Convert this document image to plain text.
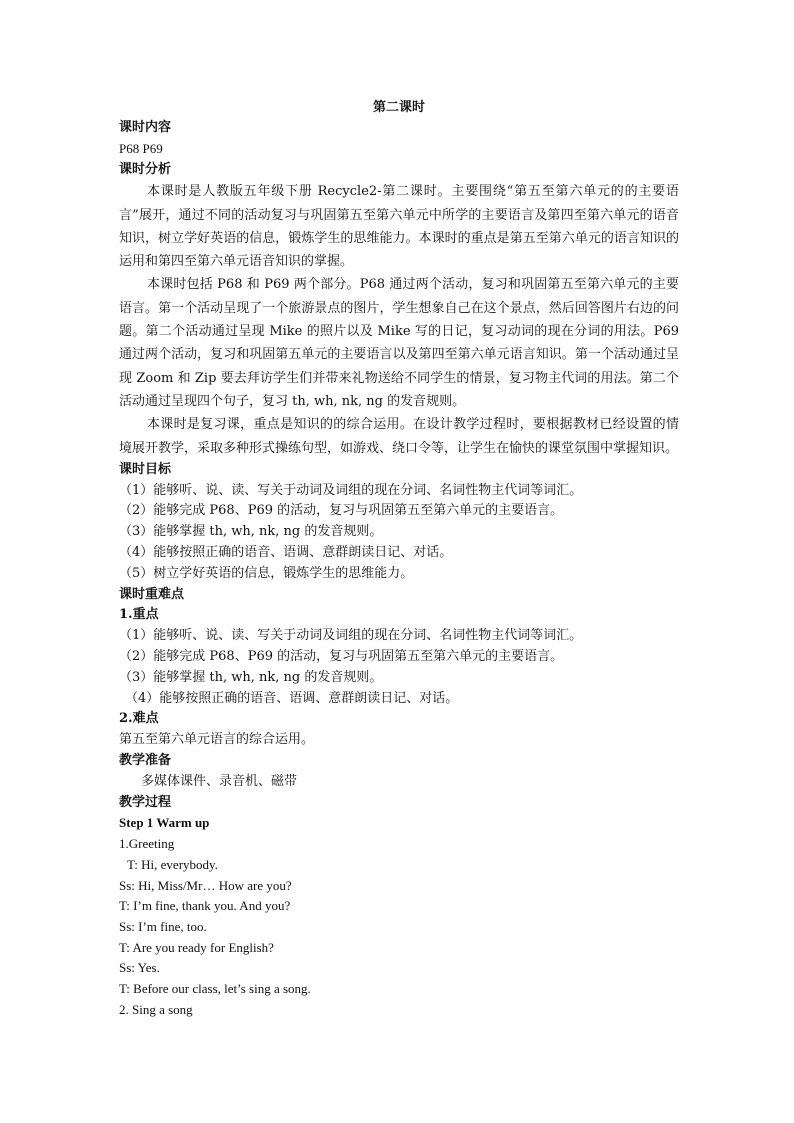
第二课时
课时内容
P68 P69
课时分析

本课时是人教版五年级下册 Recycle2-第二课时。主要围绕“第五至第六单元的的主要语言”展开，通过不同的活动复习与巩固第五至第六单元中所学的主要语言及第四至第六单元的语音知识，树立学好英语的信息，锻炼学生的思维能力。本课时的重点是第五至第六单元的语言知识的运用和第四至第六单元语音知识的掌握。

本课时包括 P68 和 P69 两个部分。P68 通过两个活动，复习和巩固第五至第六单元的主要语言。第一个活动呈现了一个旅游景点的图片，学生想象自己在这个景点，然后回答图片右边的问题。第二个活动通过呈现 Mike 的照片以及 Mike 写的日记，复习动词的现在分词的用法。P69 通过两个活动，复习和巩固第五单元的主要语言以及第四至第六单元语言知识。第一个活动通过呈现 Zoom 和 Zip 要去拜访学生们并带来礼物送给不同学生的情景，复习物主代词的用法。第二个活动通过呈现四个句子，复习 th, wh, nk, ng 的发音规则。

本课时是复习课，重点是知识的的综合运用。在设计教学过程时，要根据教材已经设置的情境展开教学，采取多种形式操练句型，如游戏、绕口令等，让学生在愉快的课堂氛围中掌握知识。

课时目标
（1）能够听、说、读、写关于动词及词组的现在分词、名词性物主代词等词汇。
（2）能够完成 P68、P69 的活动，复习与巩固第五至第六单元的主要语言。
（3）能够掌握 th, wh, nk, ng 的发音规则。
（4）能够按照正确的语音、语调、意群朗读日记、对话。
（5）树立学好英语的信息，锻炼学生的思维能力。
课时重难点
1.重点
（1）能够听、说、读、写关于动词及词组的现在分词、名词性物主代词等词汇。
（2）能够完成 P68、P69 的活动，复习与巩固第五至第六单元的主要语言。
（3）能够掌握 th, wh, nk, ng 的发音规则。
（4）能够按照正确的语音、语调、意群朗读日记、对话。
2.难点
第五至第六单元语言的综合运用。
教学准备
多媒体课件、录音机、磁带
教学过程
Step 1 Warm up
1.Greeting
T: Hi, everybody.
Ss: Hi, Miss/Mr… How are you?
T: I’m fine, thank you. And you?
Ss: I’m fine, too.
T: Are you ready for English?
Ss: Yes.
T: Before our class, let’s sing a song.
2. Sing a song
